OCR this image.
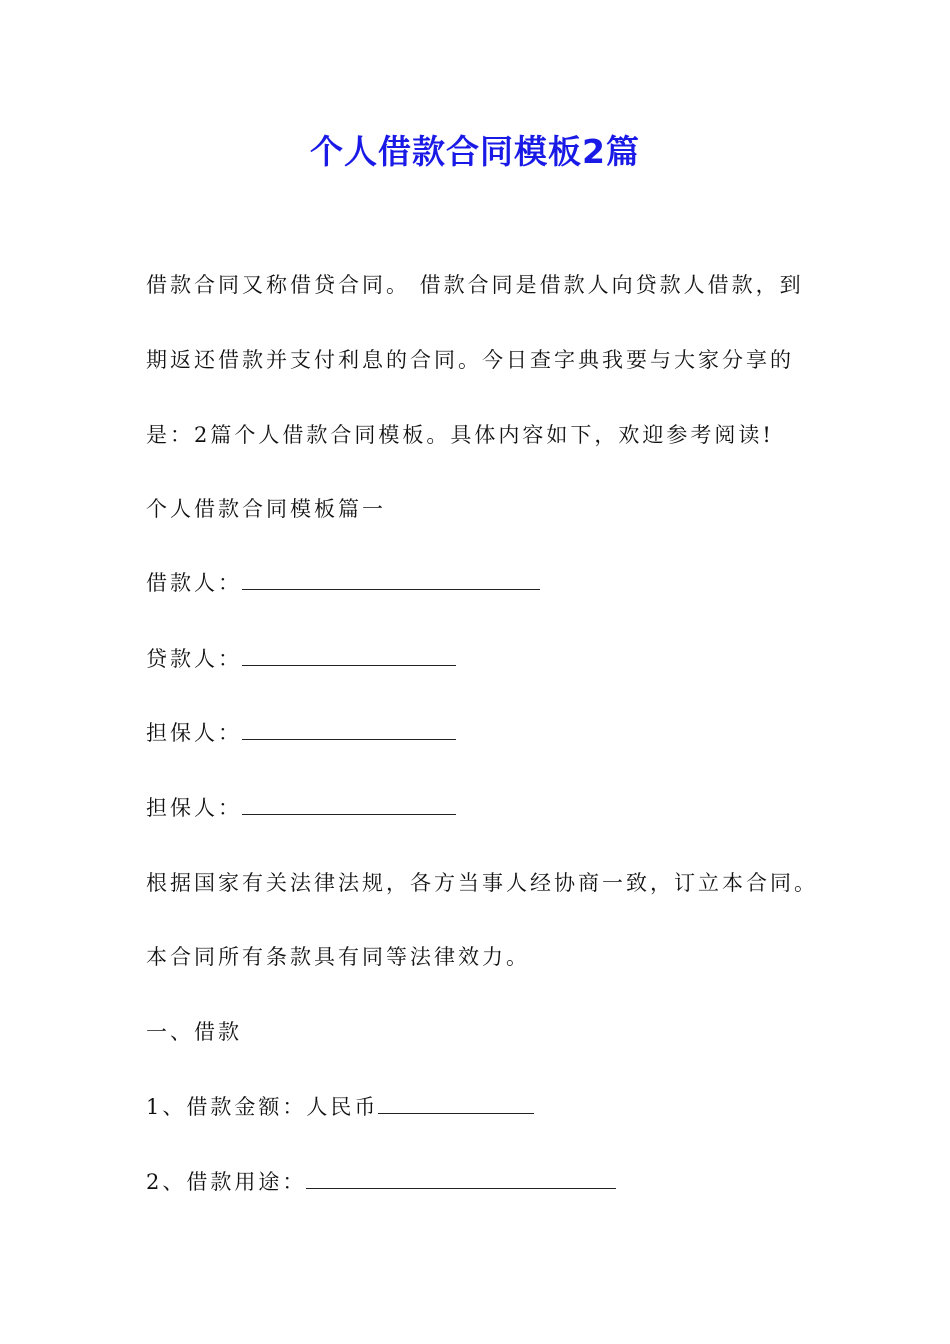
个人借款合同模板2篇
借款合同又称借贷合同。 借款合同是借款人向贷款人借款，到
期返还借款并支付利息的合同。今日查字典我要与大家分享的
是：2篇个人借款合同模板。具体内容如下，欢迎参考阅读!
个人借款合同模板篇一
借款人：
贷款人：
担保人：
担保人：
根据国家有关法律法规，各方当事人经协商一致，订立本合同。
本合同所有条款具有同等法律效力。
一、借款
1、借款金额：人民币
2、借款用途：
